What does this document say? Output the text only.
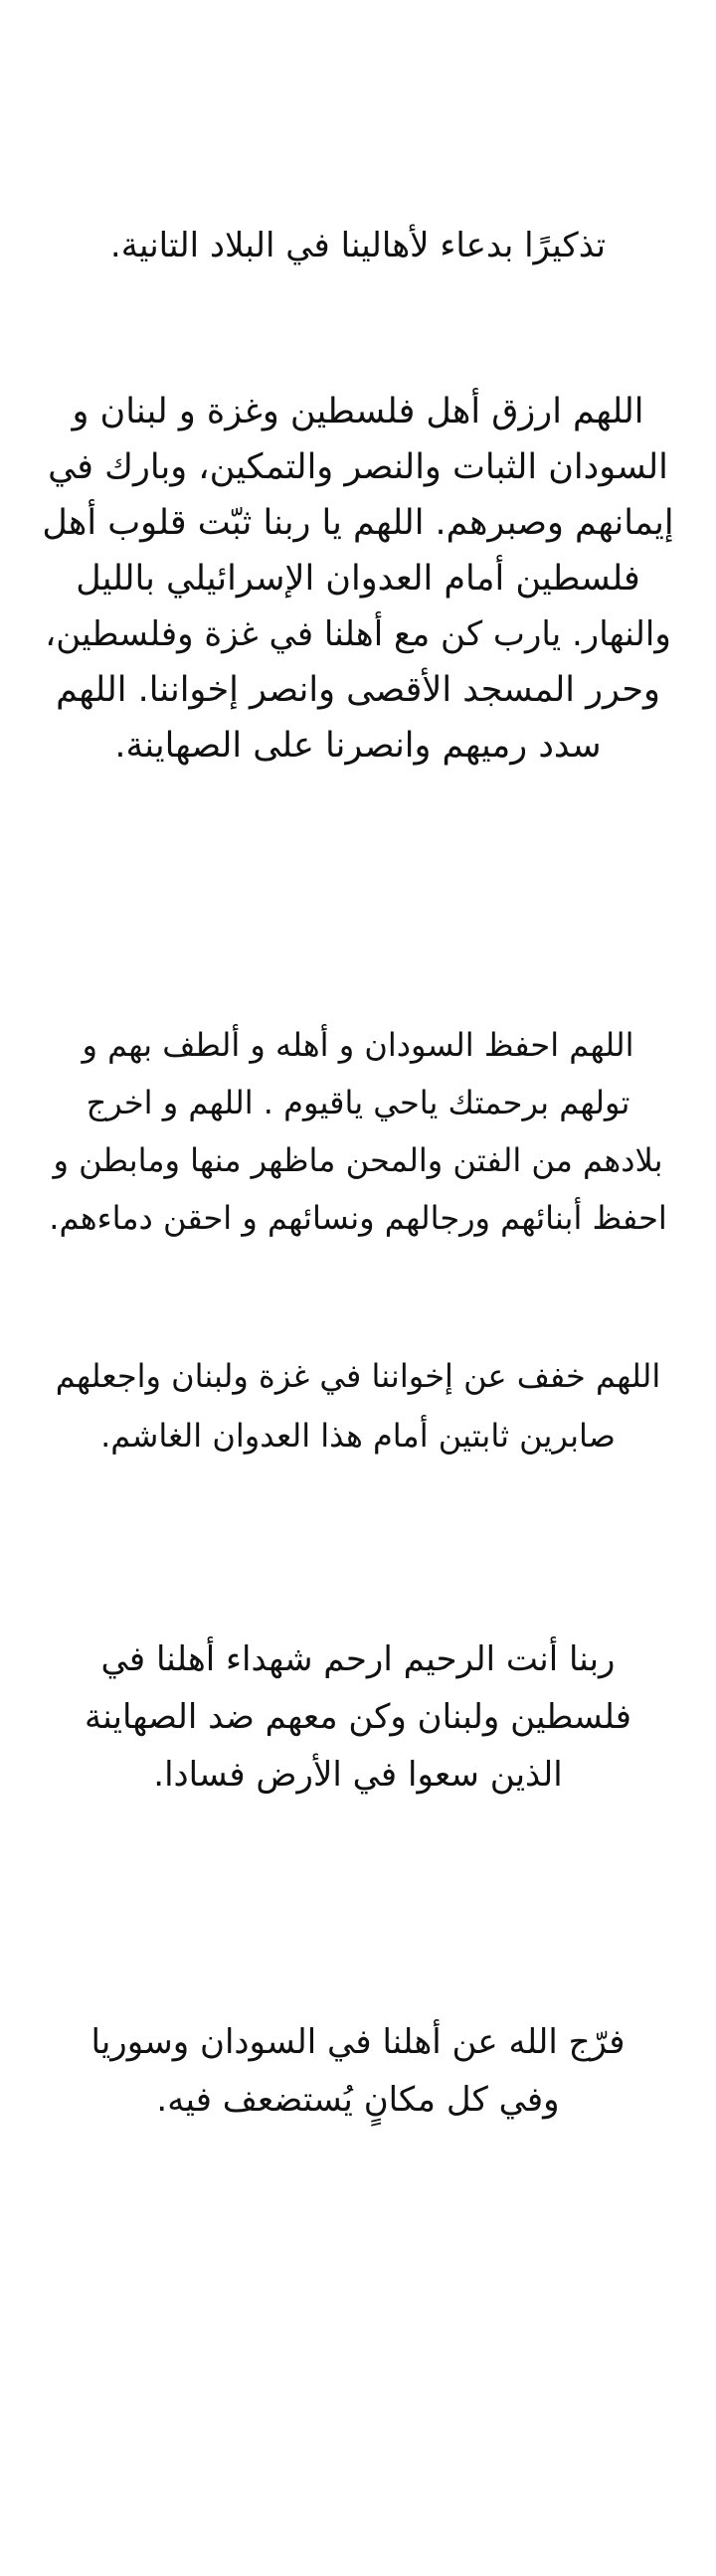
تذكيرًا بدعاء لأهالينا في البلاد التانية.

اللهم ارزق أهل فلسطين وغزة و لبنان و
السودان الثبات والنصر والتمكين، وبارك في
إيمانهم وصبرهم. اللهم يا ربنا ثبّت قلوب أهل
فلسطين أمام العدوان الإسرائيلي بالليل
والنهار. يارب كن مع أهلنا في غزة وفلسطين،
وحرر المسجد الأقصى وانصر إخواننا. اللهم
سدد رميهم وانصرنا على الصهاينة.

اللهم احفظ السودان و أهله و ألطف بهم و
تولهم برحمتك ياحي ياقيوم . اللهم و اخرج
بلادهم من الفتن والمحن ماظهر منها ومابطن و
احفظ أبنائهم ورجالهم ونسائهم و احقن دماءهم.

اللهم خفف عن إخواننا في غزة ولبنان واجعلهم
صابرين ثابتين أمام هذا العدوان الغاشم.

ربنا أنت الرحيم ارحم شهداء أهلنا في
فلسطين ولبنان وكن معهم ضد الصهاينة
الذين سعوا في الأرض فسادا.

فرّج الله عن أهلنا في السودان وسوريا
وفي كل مكانٍ يُستضعف فيه.
